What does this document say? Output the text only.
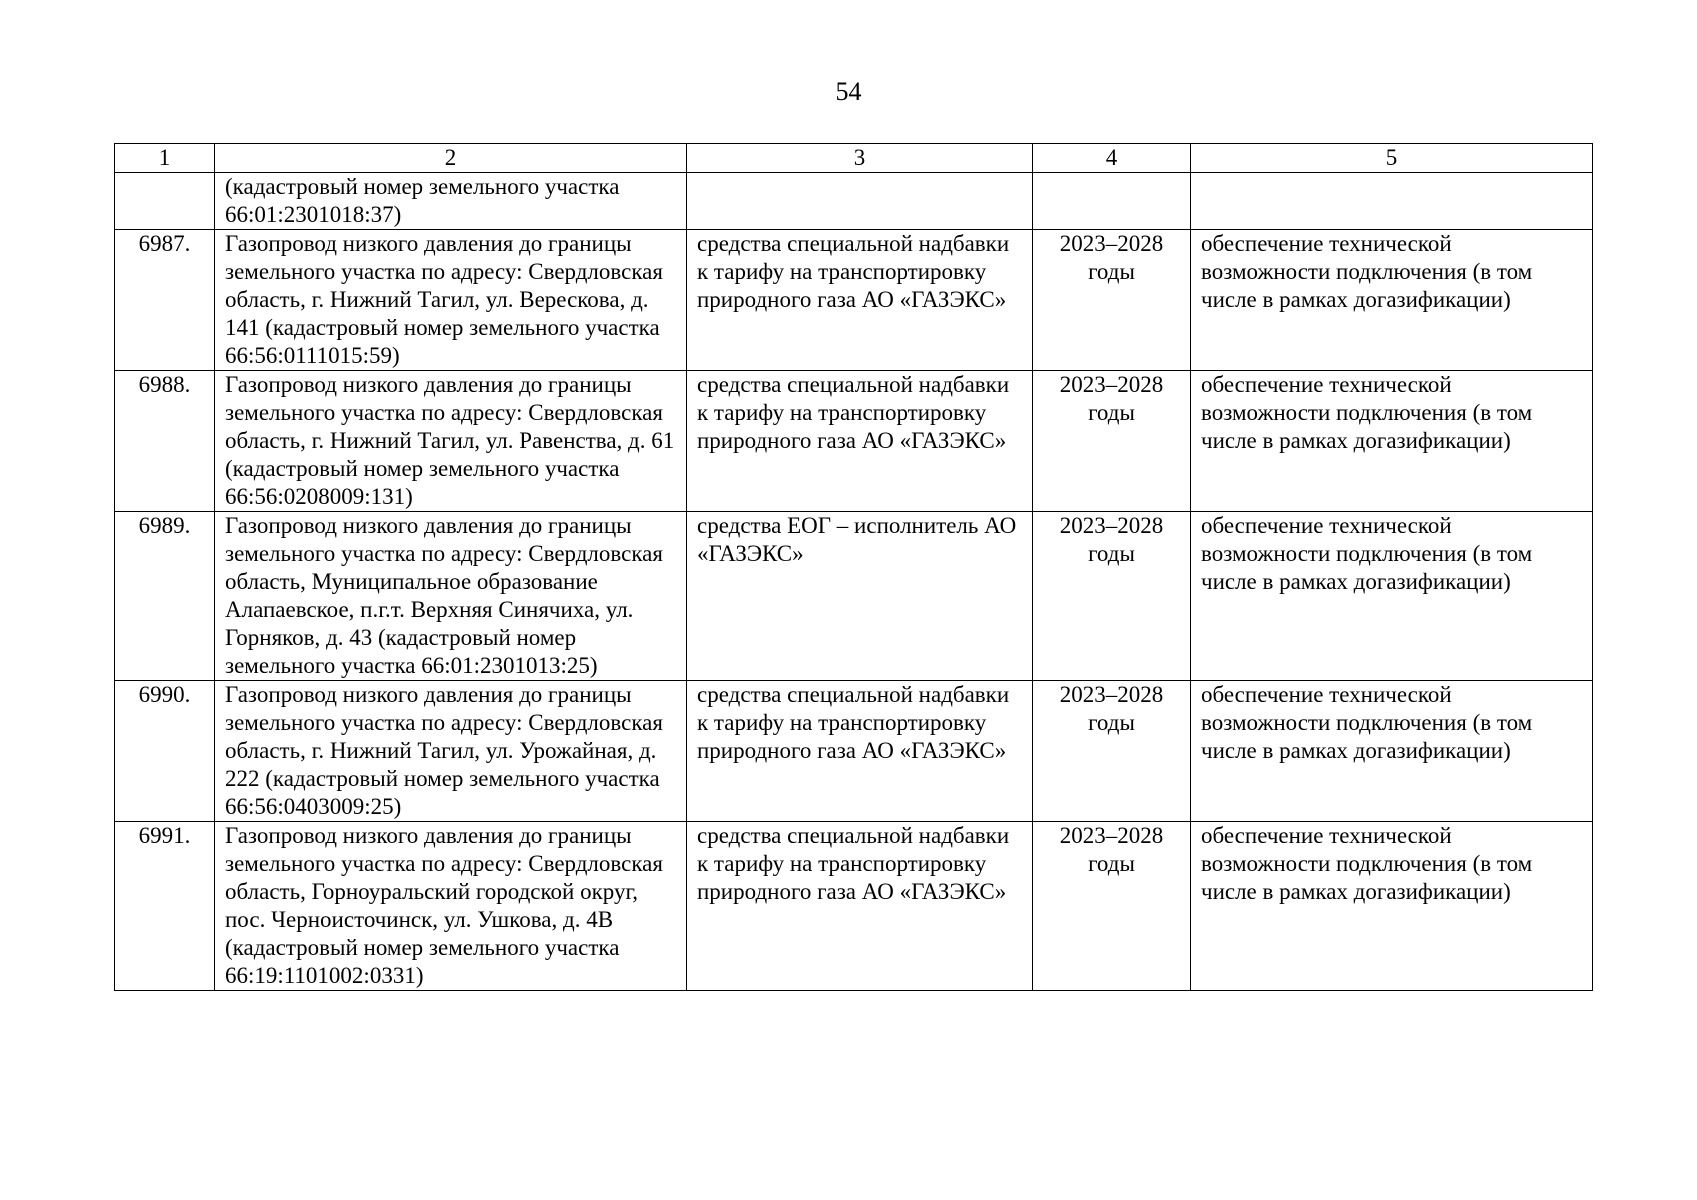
54
1	2	3	4	5
	(кадастровый номер земельного участка 66:01:2301018:37)			
6987.	Газопровод низкого давления до границы земельного участка по адресу: Свердловская область, г. Нижний Тагил, ул. Верескова, д. 141 (кадастровый номер земельного участка 66:56:0111015:59)	средства специальной надбавки к тарифу на транспортировку природного газа АО «ГАЗЭКС»	2023–2028 годы	обеспечение технической возможности подключения (в том числе в рамках догазификации)
6988.	Газопровод низкого давления до границы земельного участка по адресу: Свердловская область, г. Нижний Тагил, ул. Равенства, д. 61 (кадастровый номер земельного участка 66:56:0208009:131)	средства специальной надбавки к тарифу на транспортировку природного газа АО «ГАЗЭКС»	2023–2028 годы	обеспечение технической возможности подключения (в том числе в рамках догазификации)
6989.	Газопровод низкого давления до границы земельного участка по адресу: Свердловская область, Муниципальное образование Алапаевское, п.г.т. Верхняя Синячиха, ул. Горняков, д. 43 (кадастровый номер земельного участка 66:01:2301013:25)	средства ЕОГ – исполнитель АО «ГАЗЭКС»	2023–2028 годы	обеспечение технической возможности подключения (в том числе в рамках догазификации)
6990.	Газопровод низкого давления до границы земельного участка по адресу: Свердловская область, г. Нижний Тагил, ул. Урожайная, д. 222 (кадастровый номер земельного участка 66:56:0403009:25)	средства специальной надбавки к тарифу на транспортировку природного газа АО «ГАЗЭКС»	2023–2028 годы	обеспечение технической возможности подключения (в том числе в рамках догазификации)
6991.	Газопровод низкого давления до границы земельного участка по адресу: Свердловская область, Горноуральский городской округ, пос. Черноисточинск, ул. Ушкова, д. 4В (кадастровый номер земельного участка 66:19:1101002:0331)	средства специальной надбавки к тарифу на транспортировку природного газа АО «ГАЗЭКС»	2023–2028 годы	обеспечение технической возможности подключения (в том числе в рамках догазификации)
